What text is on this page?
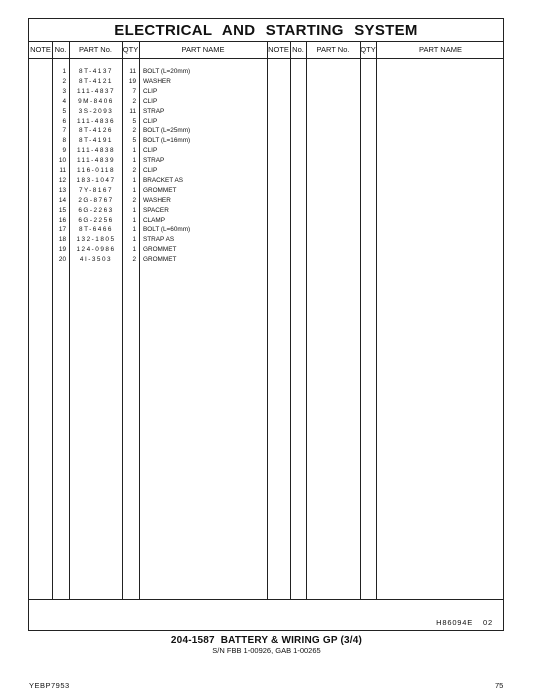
ELECTRICAL AND STARTING SYSTEM
NOTE No.	PART No.	QTY	PART NAME	NOTE No.	PART No.	QTY	PART NAME
1	8T-4137	11 BOLT (L=20mm)
2	8T-4121	19 WASHER
3	111-4837	7 CLIP
4	9M-8406	2 CLIP
5	3S-2093	11 STRAP
6	111-4836	5 CLIP
7	8T-4126	2 BOLT (L=25mm)
8	8T-4191	5 BOLT (L=16mm)
9	111-4838	1 CLIP
10	111-4839	1 STRAP
11	116-0118	2 CLIP
12	183-1047	1 BRACKET AS
13	7Y-8167	1 GROMMET
14	2G-8767	2 WASHER
15	6G-2263	1 SPACER
16	6G-2256	1 CLAMP
17	8T-6466	1 BOLT (L=60mm)
18	132-1805	1 STRAP AS
19	124-0986	1 GROMMET
20	4I-3503	2 GROMMET
H86094E 02
204-1587  BATTERY & WIRING GP (3/4)
S/N FBB 1-00926, GAB 1-00265
YEBP7953	75
